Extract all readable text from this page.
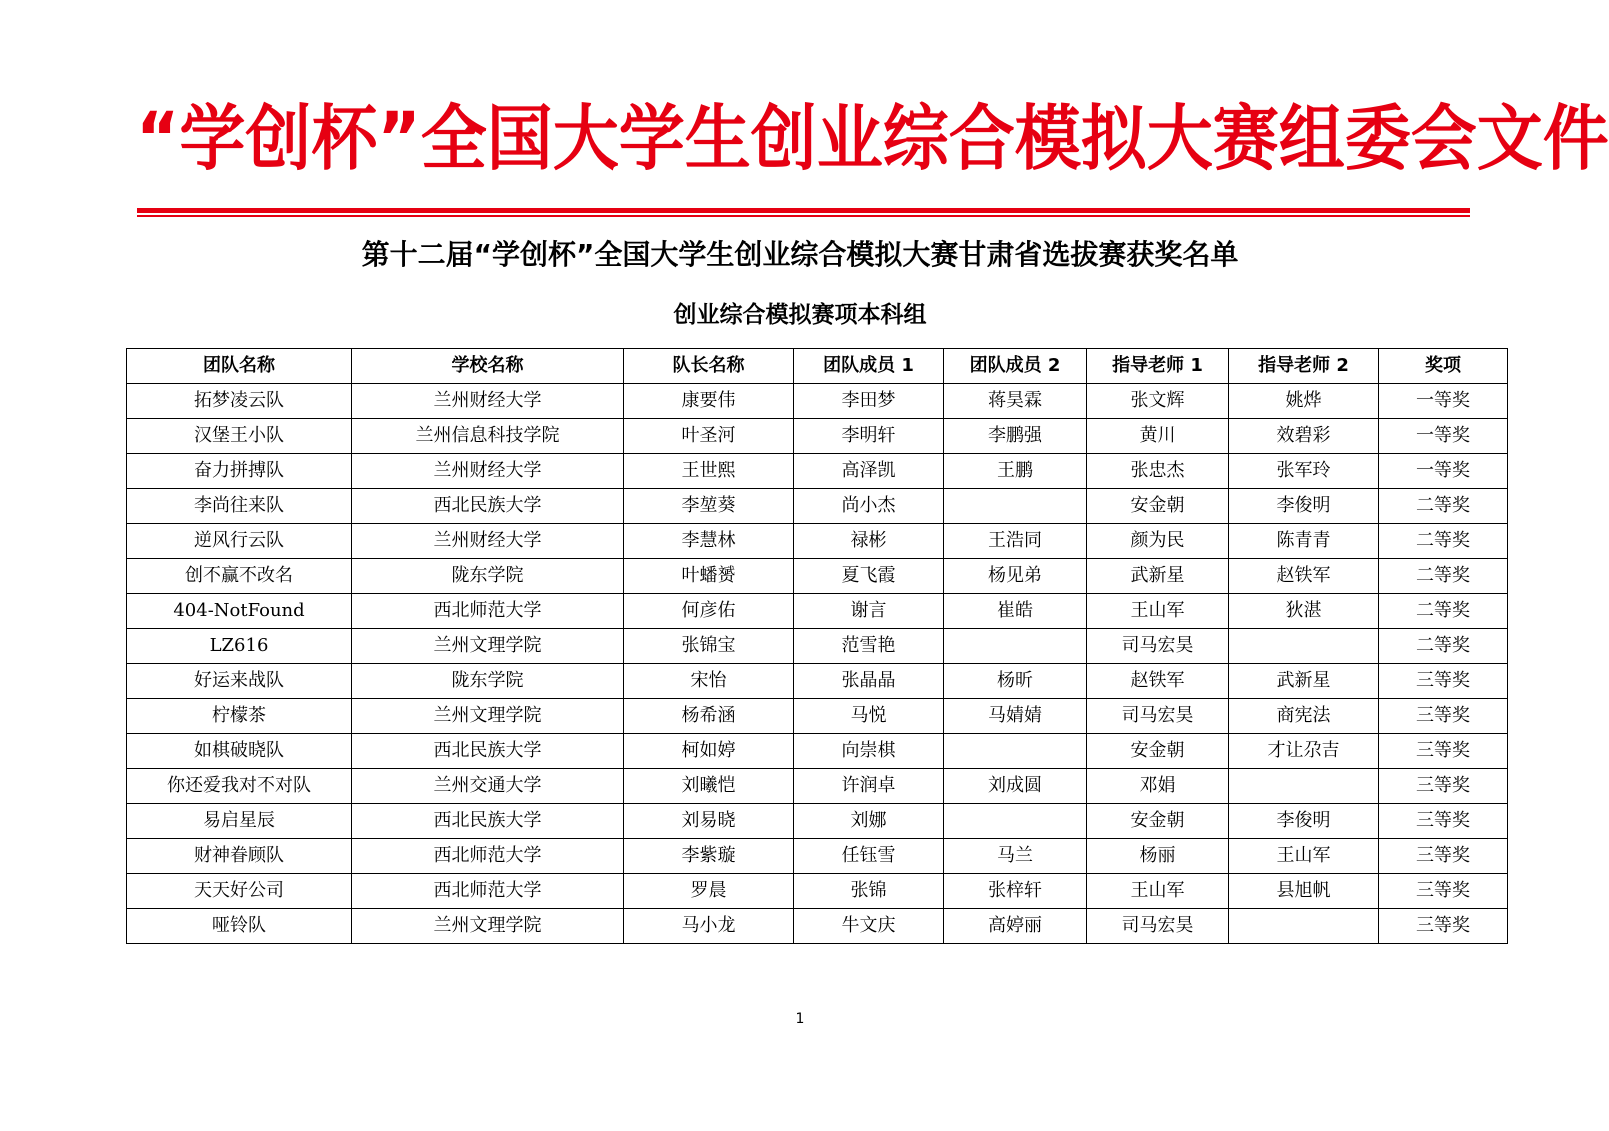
“ 学 创 杯 ” 全 国 大 学 生 创 业 综 合 模 拟 大 赛 组 委 会 文 件
第十二届“学创杯”全国大学生创业综合模拟大赛甘肃省选拔赛获奖名单
创业综合模拟赛项本科组
团队名称	学校名称	队长名称	团队成员 1	团队成员 2	指导老师 1	指导老师 2	奖项
拓梦凌云队	兰州财经大学	康要伟	李田梦	蒋昊霖	张文辉	姚烨	一等奖
汉堡王小队	兰州信息科技学院	叶圣河	李明轩	李鹏强	黄川	效碧彩	一等奖
奋力拼搏队	兰州财经大学	王世熙	高泽凯	王鹏	张忠杰	张军玲	一等奖
李尚往来队	西北民族大学	李堃葵	尚小杰		安金朝	李俊明	二等奖
逆风行云队	兰州财经大学	李慧林	禄彬	王浩同	颜为民	陈青青	二等奖
创不赢不改名	陇东学院	叶蟠赟	夏飞霞	杨见弟	武新星	赵铁军	二等奖
404-NotFound	西北师范大学	何彦佑	谢言	崔皓	王山军	狄湛	二等奖
LZ616	兰州文理学院	张锦宝	范雪艳		司马宏昊		二等奖
好运来战队	陇东学院	宋怡	张晶晶	杨昕	赵铁军	武新星	三等奖
柠檬茶	兰州文理学院	杨希涵	马悦	马婧婧	司马宏昊	商宪法	三等奖
如棋破晓队	西北民族大学	柯如婷	向崇棋		安金朝	才让尕吉	三等奖
你还爱我对不对队	兰州交通大学	刘曦恺	许润卓	刘成圆	邓娟		三等奖
易启星辰	西北民族大学	刘易晓	刘娜		安金朝	李俊明	三等奖
财神眷顾队	西北师范大学	李紫璇	任钰雪	马兰	杨丽	王山军	三等奖
天天好公司	西北师范大学	罗晨	张锦	张梓轩	王山军	县旭帆	三等奖
哑铃队	兰州文理学院	马小龙	牛文庆	高婷丽	司马宏昊		三等奖
1
